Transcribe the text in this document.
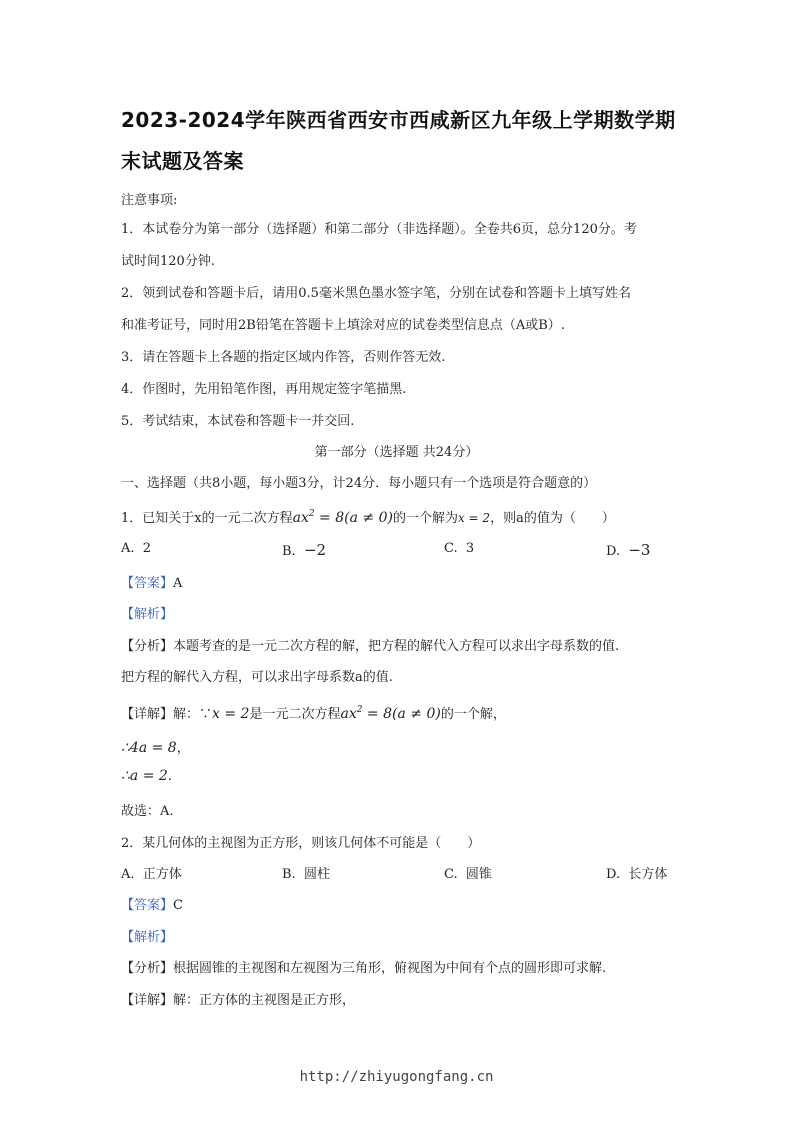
2023-2024学年陕西省西安市西咸新区九年级上学期数学期
末试题及答案
注意事项:
1．本试卷分为第一部分（选择题）和第二部分（非选择题）。全卷共6页，总分120分。考
试时间120分钟.
2．领到试卷和答题卡后，请用0.5毫米黑色墨水签字笔，分别在试卷和答题卡上填写姓名
和准考证号，同时用2B铅笔在答题卡上填涂对应的试卷类型信息点（A或B）.
3．请在答题卡上各题的指定区域内作答，否则作答无效.
4．作图时，先用铅笔作图，再用规定签字笔描黑.
5．考试结束，本试卷和答题卡一并交回.
第一部分（选择题 共24分）
一、选择题（共8小题，每小题3分，计24分．每小题只有一个选项是符合题意的）
1．已知关于x的一元二次方程$ax^2 = 8(a \ne 0)$的一个解为x = 2，则a的值为（　　）
A. 2	B. −2	C. 3	D. −3
【答案】A
【解析】
【分析】本题考查的是一元二次方程的解，把方程的解代入方程可以求出字母系数的值.
把方程的解代入方程，可以求出字母系数a的值.
【详解】解：∵x = 2是一元二次方程$ax^2 = 8(a \ne 0)$的一个解，
∴4a = 8，
∴a = 2.
故选：A.
2．某几何体的主视图为正方形，则该几何体不可能是（　　）
A. 正方体	B. 圆柱	C. 圆锥	D. 长方体
【答案】C
【解析】
【分析】根据圆锥的主视图和左视图为三角形，俯视图为中间有个点的圆形即可求解.
【详解】解：正方体的主视图是正方形，
http://zhiyugongfang.cn
